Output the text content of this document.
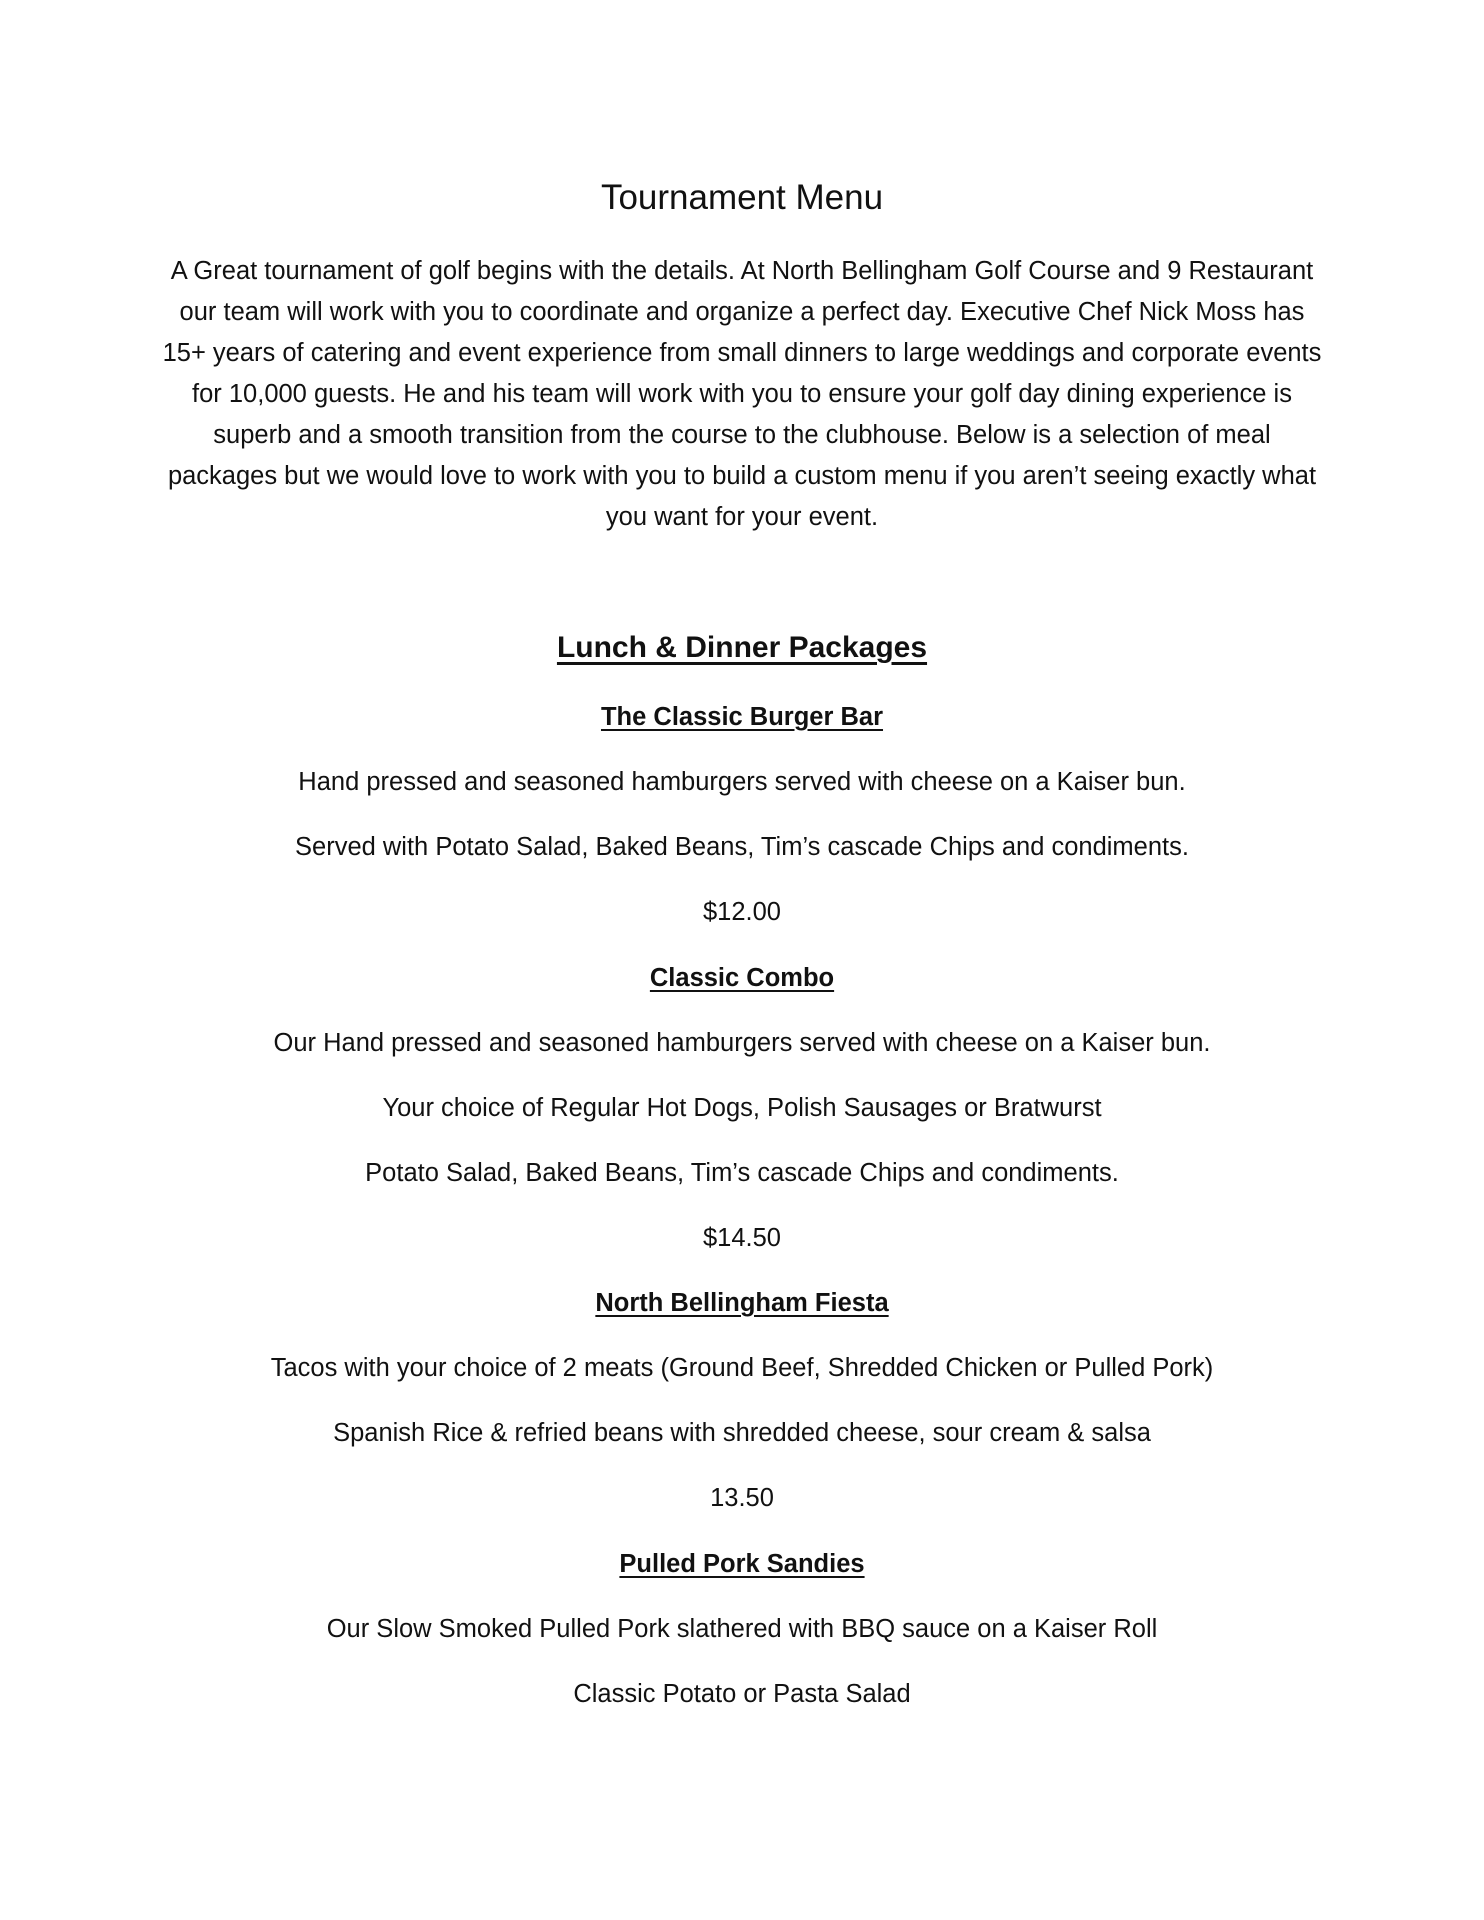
Tournament Menu

A Great tournament of golf begins with the details. At North Bellingham Golf Course and 9 Restaurant our team will work with you to coordinate and organize a perfect day. Executive Chef Nick Moss has 15+ years of catering and event experience from small dinners to large weddings and corporate events for 10,000 guests. He and his team will work with you to ensure your golf day dining experience is superb and a smooth transition from the course to the clubhouse. Below is a selection of meal packages but we would love to work with you to build a custom menu if you aren’t seeing exactly what you want for your event.

Lunch & Dinner Packages
The Classic Burger Bar
Hand pressed and seasoned hamburgers served with cheese on a Kaiser bun.
Served with Potato Salad, Baked Beans, Tim’s cascade Chips and condiments.
$12.00
Classic Combo
Our Hand pressed and seasoned hamburgers served with cheese on a Kaiser bun.
Your choice of Regular Hot Dogs, Polish Sausages or Bratwurst
Potato Salad, Baked Beans, Tim’s cascade Chips and condiments.
$14.50
North Bellingham Fiesta
Tacos with your choice of 2 meats (Ground Beef, Shredded Chicken or Pulled Pork)
Spanish Rice & refried beans with shredded cheese, sour cream & salsa
13.50
Pulled Pork Sandies
Our Slow Smoked Pulled Pork slathered with BBQ sauce on a Kaiser Roll
Classic Potato or Pasta Salad
